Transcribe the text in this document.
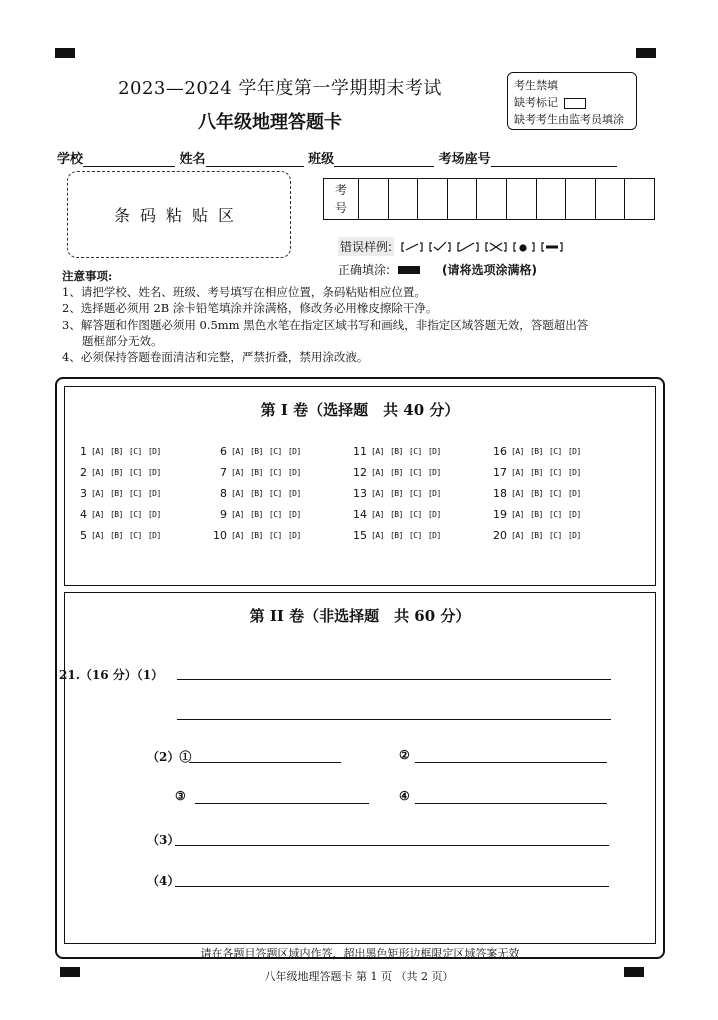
2023—2024 学年度第一学期期末考试
八年级地理答题卡
考生禁填
缺考标记
缺考考生由监考员填涂
学校	姓名	班级	考场座号
条码粘贴区
考
号
错误样例:
正确填涂:	(请将选项涂满格)
注意事项:
1、请把学校、姓名、班级、考号填写在相应位置，条码粘贴相应位置。
2、选择题必须用 2B 涂卡铅笔填涂并涂满格，修改务必用橡皮擦除干净。
3、解答题和作图题必须用 0.5mm 黑色水笔在指定区域书写和画线，非指定区域答题无效，答题超出答
题框部分无效。
4、必须保持答题卷面清洁和完整，严禁折叠，禁用涂改液。
第 I 卷（选择题　共 40 分）
1 [A] [B] [C] [D]
2 [A] [B] [C] [D]
3 [A] [B] [C] [D]
4 [A] [B] [C] [D]
5 [A] [B] [C] [D]
6 [A] [B] [C] [D]
7 [A] [B] [C] [D]
8 [A] [B] [C] [D]
9 [A] [B] [C] [D]
10 [A] [B] [C] [D]
11 [A] [B] [C] [D]
12 [A] [B] [C] [D]
13 [A] [B] [C] [D]
14 [A] [B] [C] [D]
15 [A] [B] [C] [D]
16 [A] [B] [C] [D]
17 [A] [B] [C] [D]
18 [A] [B] [C] [D]
19 [A] [B] [C] [D]
20 [A] [B] [C] [D]
第 II 卷（非选择题　共 60 分）
21.（16 分）（1）
（2）①	②
③	④
（3）
（4）
请在各题目答题区域内作答，超出黑色矩形边框限定区域答案无效
八年级地理答题卡 第 1 页 （共 2 页）
